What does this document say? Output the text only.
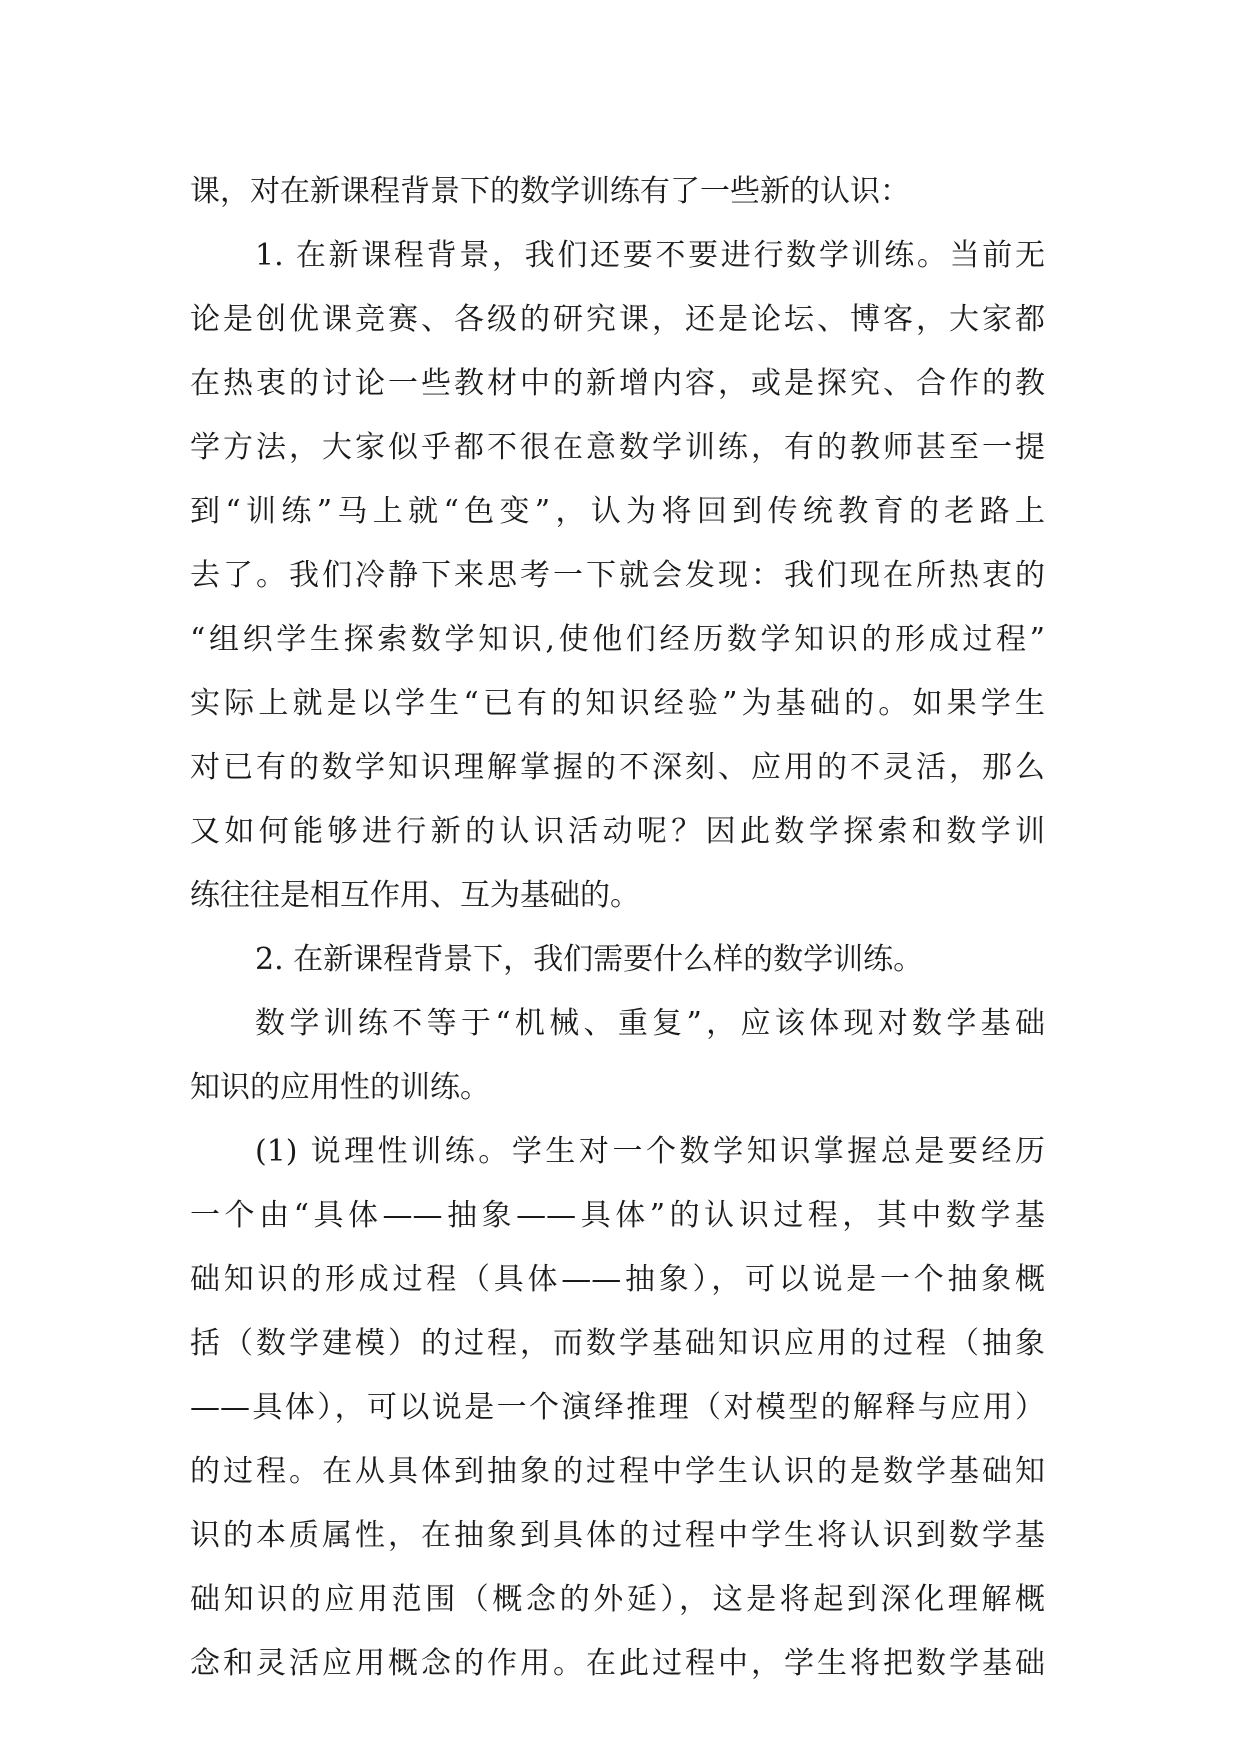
课，对在新课程背景下的数学训练有了一些新的认识：
1. 在新课程背景，我们还要不要进行数学训练。当前无
论是创优课竞赛、各级的研究课，还是论坛、博客，大家都
在热衷的讨论一些教材中的新增内容，或是探究、合作的教
学方法，大家似乎都不很在意数学训练，有的教师甚至一提
到“训练”马上就“色变”，认为将回到传统教育的老路上
去了。我们冷静下来思考一下就会发现：我们现在所热衷的
“组织学生探索数学知识,使他们经历数学知识的形成过程”
实际上就是以学生“已有的知识经验”为基础的。如果学生
对已有的数学知识理解掌握的不深刻、应用的不灵活，那么
又如何能够进行新的认识活动呢？因此数学探索和数学训
练往往是相互作用、互为基础的。
2. 在新课程背景下，我们需要什么样的数学训练。
数学训练不等于“机械、重复”，应该体现对数学基础
知识的应用性的训练。
(1) 说理性训练。学生对一个数学知识掌握总是要经历
一个由“具体——抽象——具体”的认识过程，其中数学基
础知识的形成过程（具体——抽象），可以说是一个抽象概
括（数学建模）的过程，而数学基础知识应用的过程（抽象
——具体），可以说是一个演绎推理（对模型的解释与应用）
的过程。在从具体到抽象的过程中学生认识的是数学基础知
识的本质属性，在抽象到具体的过程中学生将认识到数学基
础知识的应用范围（概念的外延），这是将起到深化理解概
念和灵活应用概念的作用。在此过程中，学生将把数学基础
